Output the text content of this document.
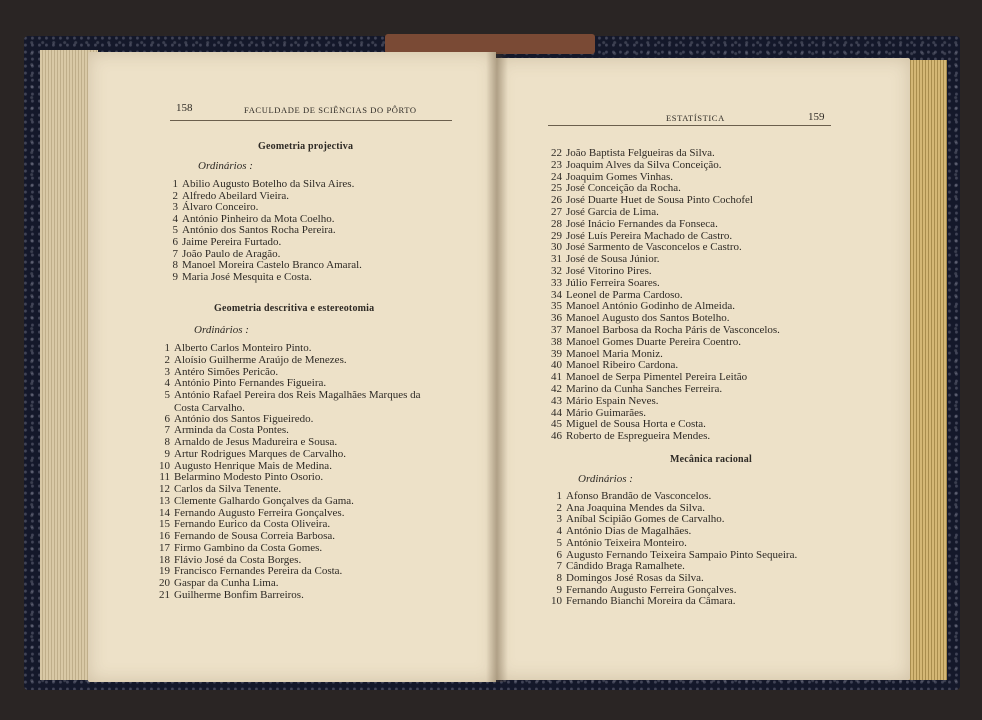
158	FACULDADE DE SCIÊNCIAS DO PÔRTO
Geometria projectiva
Ordinários :
1 Abilio Augusto Botelho da Silva Aires.
2 Alfredo Abeilard Vieira.
3 Álvaro Conceiro.
4 António Pinheiro da Mota Coelho.
5 António dos Santos Rocha Pereira.
6 Jaime Pereira Furtado.
7 João Paulo de Aragão.
8 Manoel Moreira Castelo Branco Amaral.
9 Maria José Mesquita e Costa.
Geometria descritiva e estereotomia
Ordinários :
1 Alberto Carlos Monteiro Pinto.
2 Aloísio Guilherme Araújo de Menezes.
3 Antéro Simões Pericão.
4 António Pinto Fernandes Figueira.
5 António Rafael Pereira dos Reis Magalhães Marques da
Costa Carvalho.
6 António dos Santos Figueiredo.
7 Arminda da Costa Pontes.
8 Arnaldo de Jesus Madureira e Sousa.
9 Artur Rodrigues Marques de Carvalho.
10 Augusto Henrique Mais de Medina.
11 Belarmino Modesto Pinto Osorio.
12 Carlos da Silva Tenente.
13 Clemente Galhardo Gonçalves da Gama.
14 Fernando Augusto Ferreira Gonçalves.
15 Fernando Eurico da Costa Oliveira.
16 Fernando de Sousa Correia Barbosa.
17 Firmo Gambino da Costa Gomes.
18 Flávio José da Costa Borges.
19 Francisco Fernandes Pereira da Costa.
20 Gaspar da Cunha Lima.
21 Guilherme Bonfim Barreiros.
ESTATÍSTICA	159
22 João Baptista Felgueiras da Silva.
23 Joaquim Alves da Silva Conceição.
24 Joaquim Gomes Vinhas.
25 José Conceição da Rocha.
26 José Duarte Huet de Sousa Pinto Cochofel
27 José Garcia de Lima.
28 José Inácio Fernandes da Fonseca.
29 José Luís Pereira Machado de Castro.
30 José Sarmento de Vasconcelos e Castro.
31 José de Sousa Júnior.
32 José Vitorino Pires.
33 Júlio Ferreira Soares.
34 Leonel de Parma Cardoso.
35 Manoel António Godinho de Almeida.
36 Manoel Augusto dos Santos Botelho.
37 Manoel Barbosa da Rocha Páris de Vasconcelos.
38 Manoel Gomes Duarte Pereira Coentro.
39 Manoel Maria Moniz.
40 Manoel Ribeiro Cardona.
41 Manoel de Serpa Pimentel Pereira Leitão
42 Marino da Cunha Sanches Ferreira.
43 Mário Espain Neves.
44 Mário Guimarães.
45 Miguel de Sousa Horta e Costa.
46 Roberto de Espregueira Mendes.
Mecânica racional
Ordinários :
1 Afonso Brandão de Vasconcelos.
2 Ana Joaquina Mendes da Silva.
3 Aníbal Scipião Gomes de Carvalho.
4 António Dias de Magalhães.
5 António Teixeira Monteiro.
6 Augusto Fernando Teixeira Sampaio Pinto Sequeira.
7 Cândido Braga Ramalhete.
8 Domingos José Rosas da Silva.
9 Fernando Augusto Ferreira Gonçalves.
10 Fernando Bianchi Moreira da Câmara.
